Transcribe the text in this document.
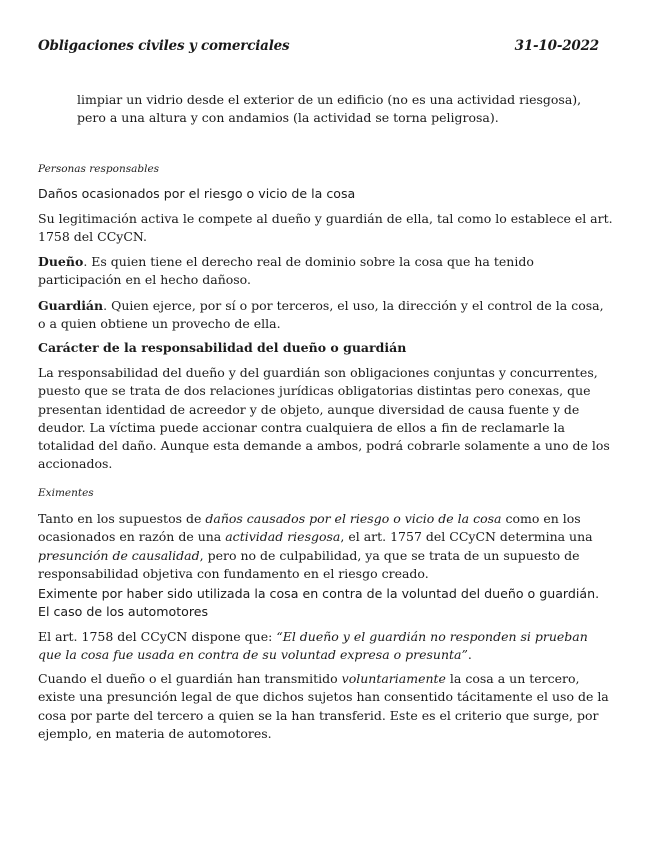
Obligaciones civiles y comerciales	31-10-2022

limpiar un vidrio desde el exterior de un edificio (no es una actividad riesgosa), pero a una altura y con andamios (la actividad se torna peligrosa).

Personas responsables

Daños ocasionados por el riesgo o vicio de la cosa

Su legitimación activa le compete al dueño y guardián de ella, tal como lo establece el art. 1758 del CCyCN.

Dueño. Es quien tiene el derecho real de dominio sobre la cosa que ha tenido participación en el hecho dañoso.

Guardián. Quien ejerce, por sí o por terceros, el uso, la dirección y el control de la cosa, o a quien obtiene un provecho de ella.

Carácter de la responsabilidad del dueño o guardián

La responsabilidad del dueño y del guardián son obligaciones conjuntas y concurrentes, puesto que se trata de dos relaciones jurídicas obligatorias distintas pero conexas, que presentan identidad de acreedor y de objeto, aunque diversidad de causa fuente y de deudor. La víctima puede accionar contra cualquiera de ellos a fin de reclamarle la totalidad del daño. Aunque esta demande a ambos, podrá cobrarle solamente a uno de los accionados.

Eximentes

Tanto en los supuestos de daños causados por el riesgo o vicio de la cosa como en los ocasionados en razón de una actividad riesgosa, el art. 1757 del CCyCN determina una presunción de causalidad, pero no de culpabilidad, ya que se trata de un supuesto de responsabilidad objetiva con fundamento en el riesgo creado.

Eximente por haber sido utilizada la cosa en contra de la voluntad del dueño o guardián. El caso de los automotores

El art. 1758 del CCyCN dispone que: “El dueño y el guardián no responden si prueban que la cosa fue usada en contra de su voluntad expresa o presunta”.

Cuando el dueño o el guardián han transmitido voluntariamente la cosa a un tercero, existe una presunción legal de que dichos sujetos han consentido tácitamente el uso de la cosa por parte del tercero a quien se la han transferid. Este es el criterio que surge, por ejemplo, en materia de automotores.
